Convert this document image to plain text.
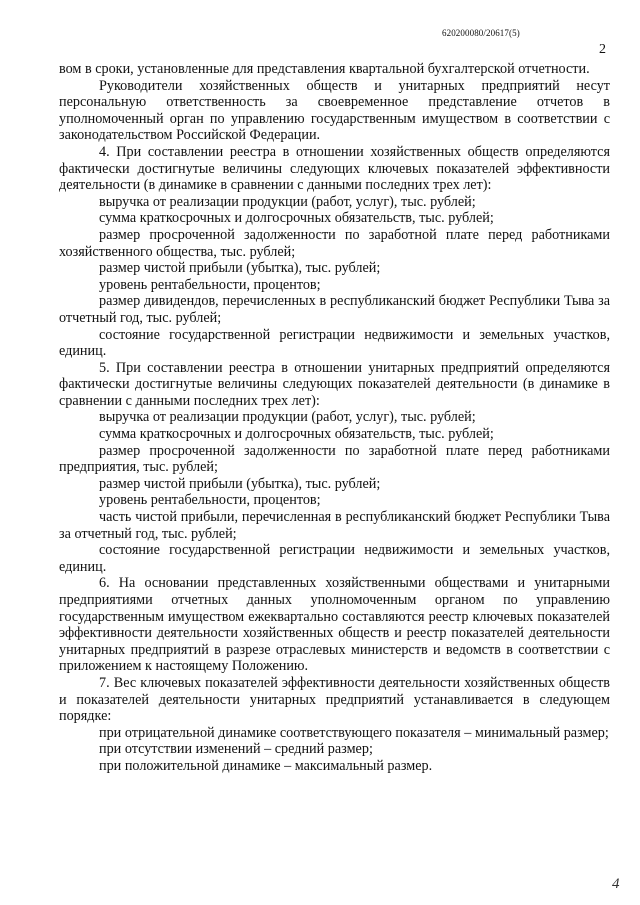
620200080/20617(5)
2

вом в сроки, установленные для представления квартальной бухгалтерской отчетности.

Руководители хозяйственных обществ и унитарных предприятий несут персональную ответственность за своевременное представление отчетов в уполномоченный орган по управлению государственным имуществом в соответствии с законодательством Российской Федерации.

4. При составлении реестра в отношении хозяйственных обществ определяются фактически достигнутые величины следующих ключевых показателей эффективности деятельности (в динамике в сравнении с данными последних трех лет):

выручка от реализации продукции (работ, услуг), тыс. рублей;

сумма краткосрочных и долгосрочных обязательств, тыс. рублей;

размер просроченной задолженности по заработной плате перед работниками хозяйственного общества, тыс. рублей;

размер чистой прибыли (убытка), тыс. рублей;

уровень рентабельности, процентов;

размер дивидендов, перечисленных в республиканский бюджет Республики Тыва за отчетный год, тыс. рублей;

состояние государственной регистрации недвижимости и земельных участков, единиц.

5. При составлении реестра в отношении унитарных предприятий определяются фактически достигнутые величины следующих показателей деятельности (в динамике в сравнении с данными последних трех лет):

выручка от реализации продукции (работ, услуг), тыс. рублей;

сумма краткосрочных и долгосрочных обязательств, тыс. рублей;

размер просроченной задолженности по заработной плате перед работниками предприятия, тыс. рублей;

размер чистой прибыли (убытка), тыс. рублей;

уровень рентабельности, процентов;

часть чистой прибыли, перечисленная в республиканский бюджет Республики Тыва за отчетный год, тыс. рублей;

состояние государственной регистрации недвижимости и земельных участков, единиц.

6. На основании представленных хозяйственными обществами и унитарными предприятиями отчетных данных уполномоченным органом по управлению государственным имуществом ежеквартально составляются реестр ключевых показателей эффективности деятельности хозяйственных обществ и реестр показателей деятельности унитарных предприятий в разрезе отраслевых министерств и ведомств в соответствии с приложением к настоящему Положению.

7. Вес ключевых показателей эффективности деятельности хозяйственных обществ и показателей деятельности унитарных предприятий устанавливается в следующем порядке:

при отрицательной динамике соответствующего показателя – минимальный размер;

при отсутствии изменений – средний размер;

при положительной динамике – максимальный размер.

4
